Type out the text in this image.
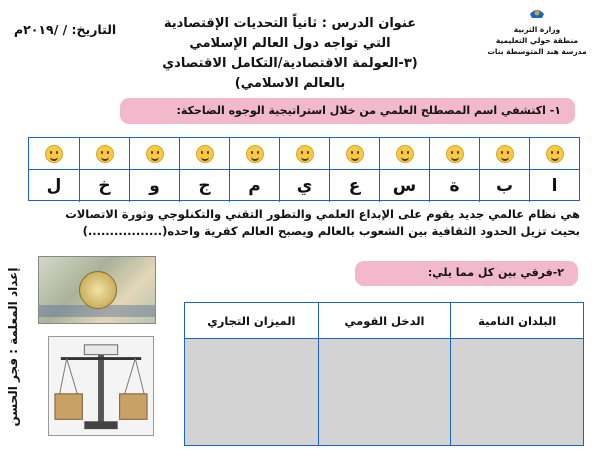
وزارة التربية
منطقة حولي التعليمية
مدرسة هند المتوسطة بنات
التاريخ: / /٢٠١٩م	عنوان الدرس : ثانياً التحديات الإقتصادية
التي تواجه دول العالم الإسلامي
(٣-العولمة الاقتصادية/التكامل الاقتصادي بالعالم الاسلامي)
١- اكتشفي اسم المصطلح العلمي من خلال استراتيجية الوجوه الضاحكة:
ا
ب
ة
س
ع
ي
م
ج
و
خ
ل
هي نظام عالمي جديد يقوم على الإبداع العلمي والتطور التقني والتكنلوجي وثورة الاتصالات
بحيث تزيل الحدود الثقافية بين الشعوب بالعالم ويصبح العالم كقرية واحده(.................)
إعداد المعلمة : فجر الحسن	٢-فرقي بين كل مما يلي:
البلدان النامية
الدخل القومي
الميزان التجاري
